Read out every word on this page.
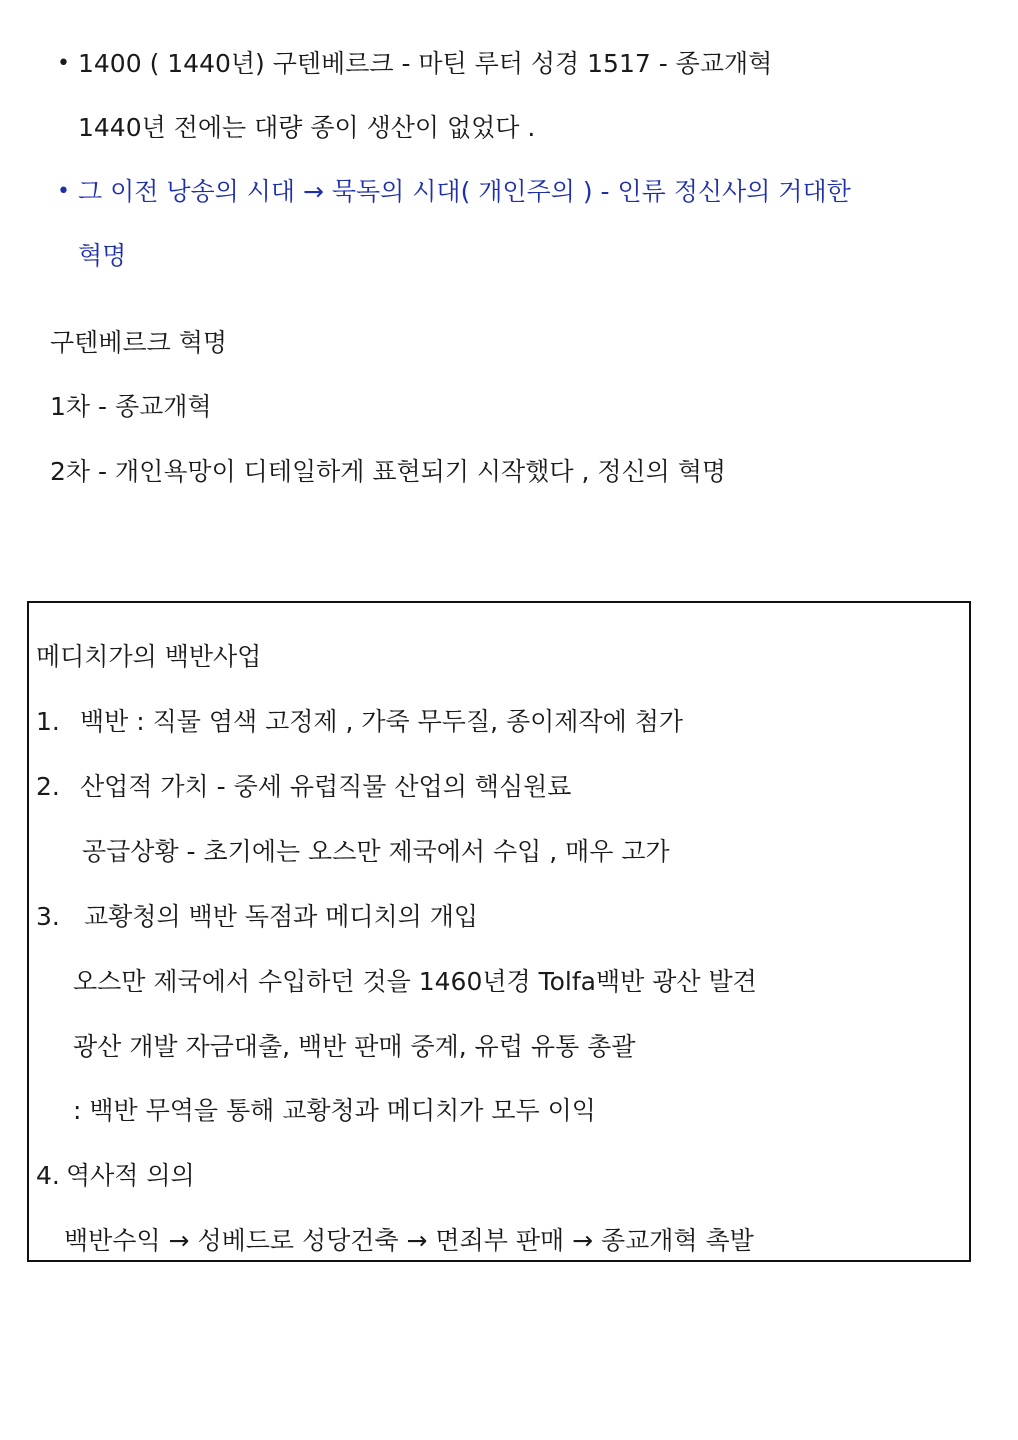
• 1400 ( 1440년) 구텐베르크 - 마틴 루터 성경 1517 - 종교개혁
1440년 전에는 대량 종이 생산이 없었다 .
• 그 이전 낭송의 시대 → 묵독의 시대( 개인주의 ) - 인류 정신사의 거대한
혁명
구텐베르크 혁명
1차 - 종교개혁
2차 - 개인욕망이 디테일하게 표현되기 시작했다 , 정신의 혁명
메디치가의 백반사업
1. 백반 : 직물 염색 고정제 , 가죽 무두질, 종이제작에 첨가
2. 산업적 가치 - 중세 유럽직물 산업의 핵심원료
공급상황 - 초기에는 오스만 제국에서 수입 , 매우 고가
3. 교황청의 백반 독점과 메디치의 개입
오스만 제국에서 수입하던 것을 1460년경 Tolfa백반 광산 발견
광산 개발 자금대출, 백반 판매 중계, 유럽 유통 총괄
: 백반 무역을 통해 교황청과 메디치가 모두 이익
4. 역사적 의의
백반수익 → 성베드로 성당건축 → 면죄부 판매 → 종교개혁 촉발
